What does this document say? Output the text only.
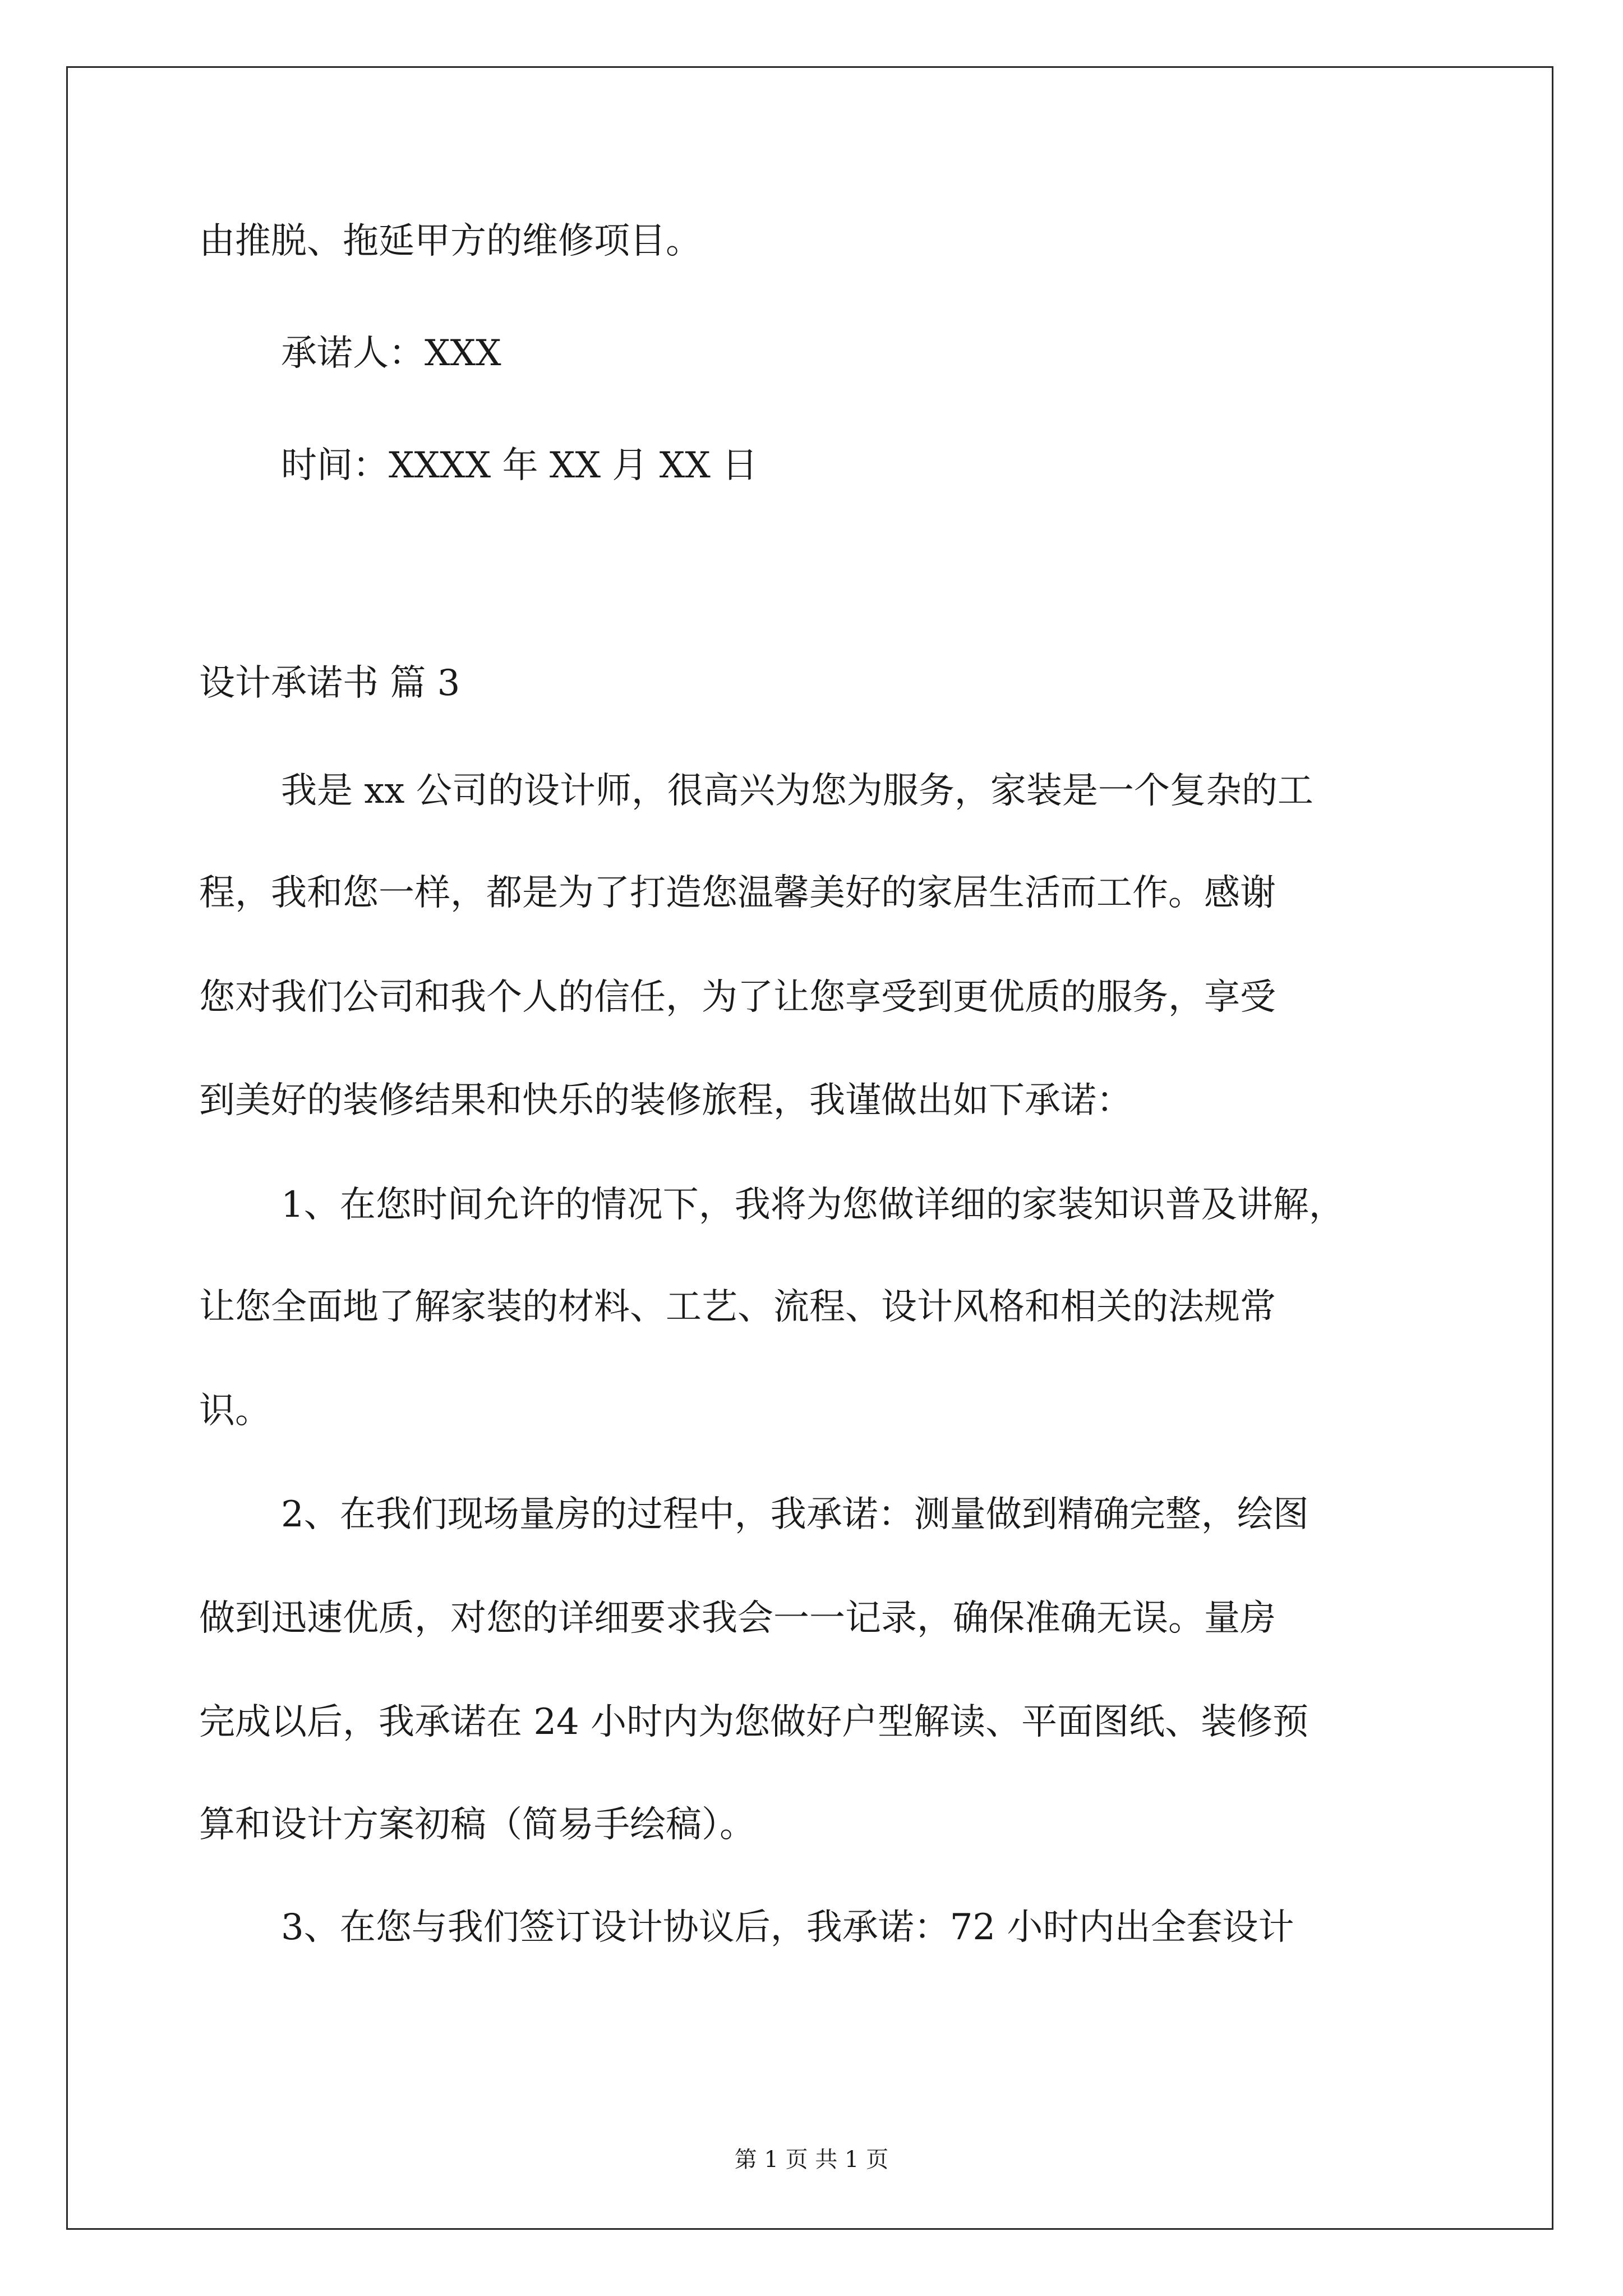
由推脱、拖延甲方的维修项目。
承诺人：XXX
时间：XXXX 年 XX 月 XX 日
设计承诺书 篇 3
我是 xx 公司的设计师，很高兴为您为服务，家装是一个复杂的工
程，我和您一样，都是为了打造您温馨美好的家居生活而工作。感谢
您对我们公司和我个人的信任，为了让您享受到更优质的服务，享受
到美好的装修结果和快乐的装修旅程，我谨做出如下承诺：
1、在您时间允许的情况下，我将为您做详细的家装知识普及讲解，
让您全面地了解家装的材料、工艺、流程、设计风格和相关的法规常
识。
2、在我们现场量房的过程中，我承诺：测量做到精确完整，绘图
做到迅速优质，对您的详细要求我会一一记录，确保准确无误。量房
完成以后，我承诺在 24 小时内为您做好户型解读、平面图纸、装修预
算和设计方案初稿（简易手绘稿）。
3、在您与我们签订设计协议后，我承诺：72 小时内出全套设计
第 1 页 共 1 页
